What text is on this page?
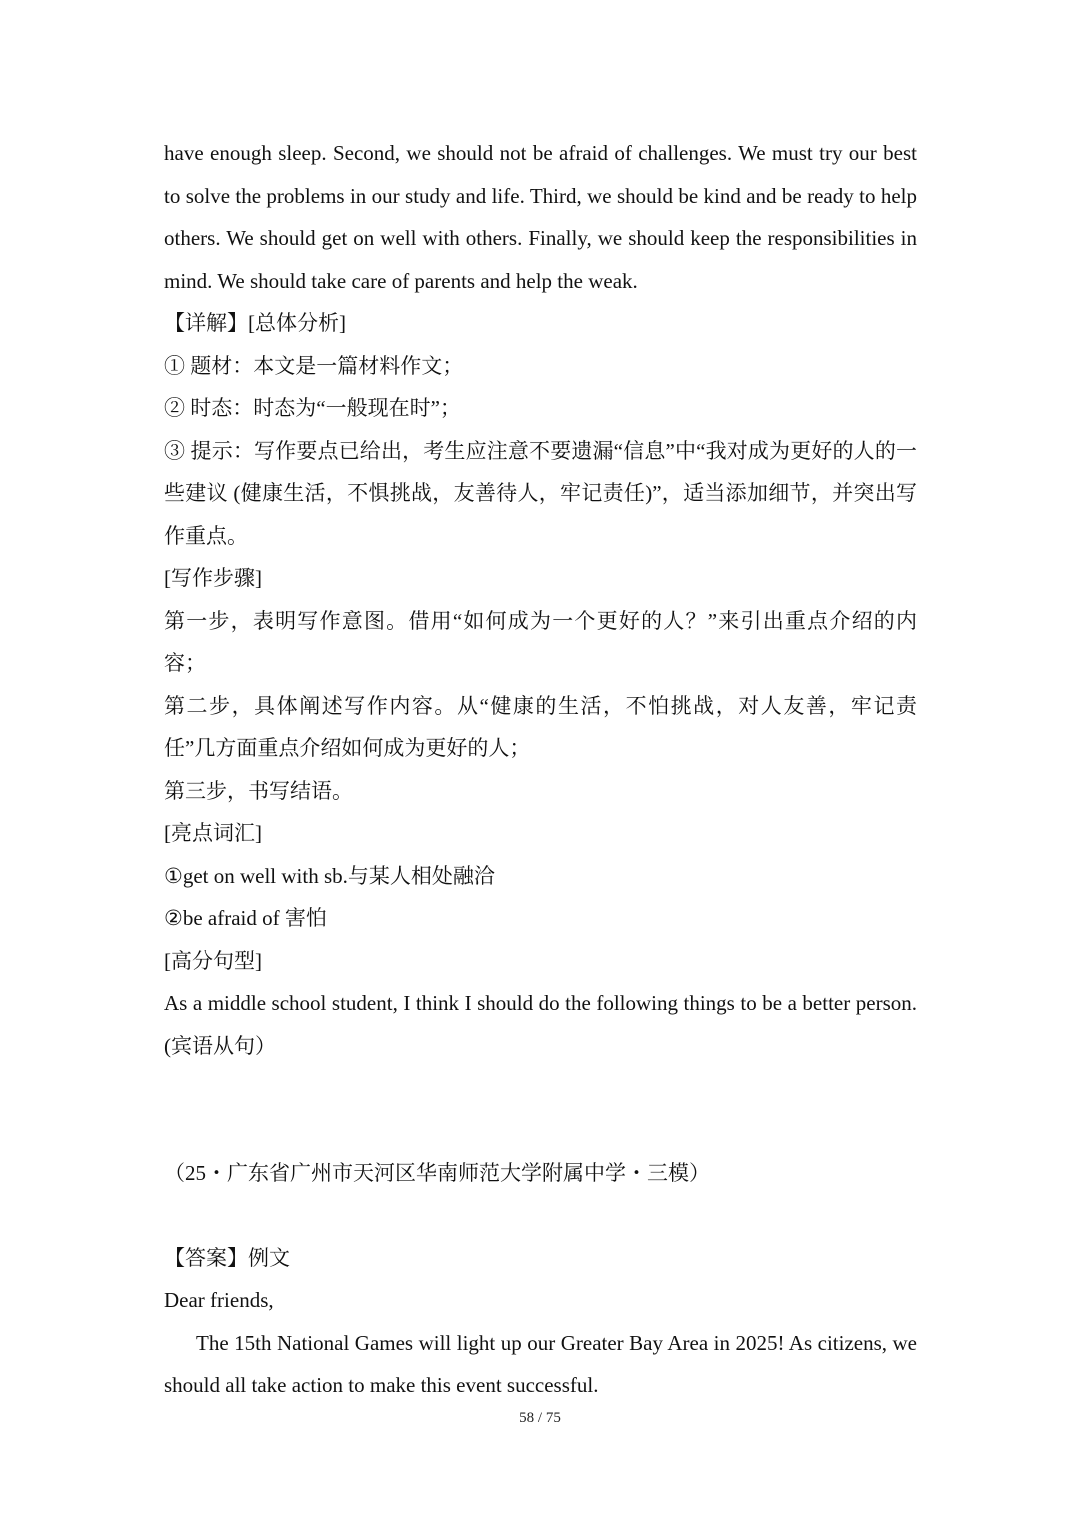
have enough sleep. Second, we should not be afraid of challenges. We must try our best to solve the problems in our study and life. Third, we should be kind and be ready to help others. We should get on well with others. Finally, we should keep the responsibilities in mind. We should take care of parents and help the weak.

【详解】[总体分析]

① 题材：本文是一篇材料作文；

② 时态：时态为“一般现在时”；

③ 提示：写作要点已给出，考生应注意不要遗漏“信息”中“我对成为更好的人的一些建议 (健康生活，不惧挑战，友善待人，牢记责任)”，适当添加细节，并突出写作重点。

[写作步骤]

第一步，表明写作意图。借用“如何成为一个更好的人？”来引出重点介绍的内容；

第二步，具体阐述写作内容。从“健康的生活，不怕挑战，对人友善，牢记责任”几方面重点介绍如何成为更好的人；

第三步，书写结语。

[亮点词汇]

①get on well with sb.与某人相处融洽

②be afraid of 害怕

[高分句型]

As a middle school student, I think I should do the following things to be a better person. (宾语从句）

（25・广东省广州市天河区华南师范大学附属中学・三模）

【答案】例文

Dear friends,

The 15th National Games will light up our Greater Bay Area in 2025! As citizens, we should all take action to make this event successful.

58 / 75
